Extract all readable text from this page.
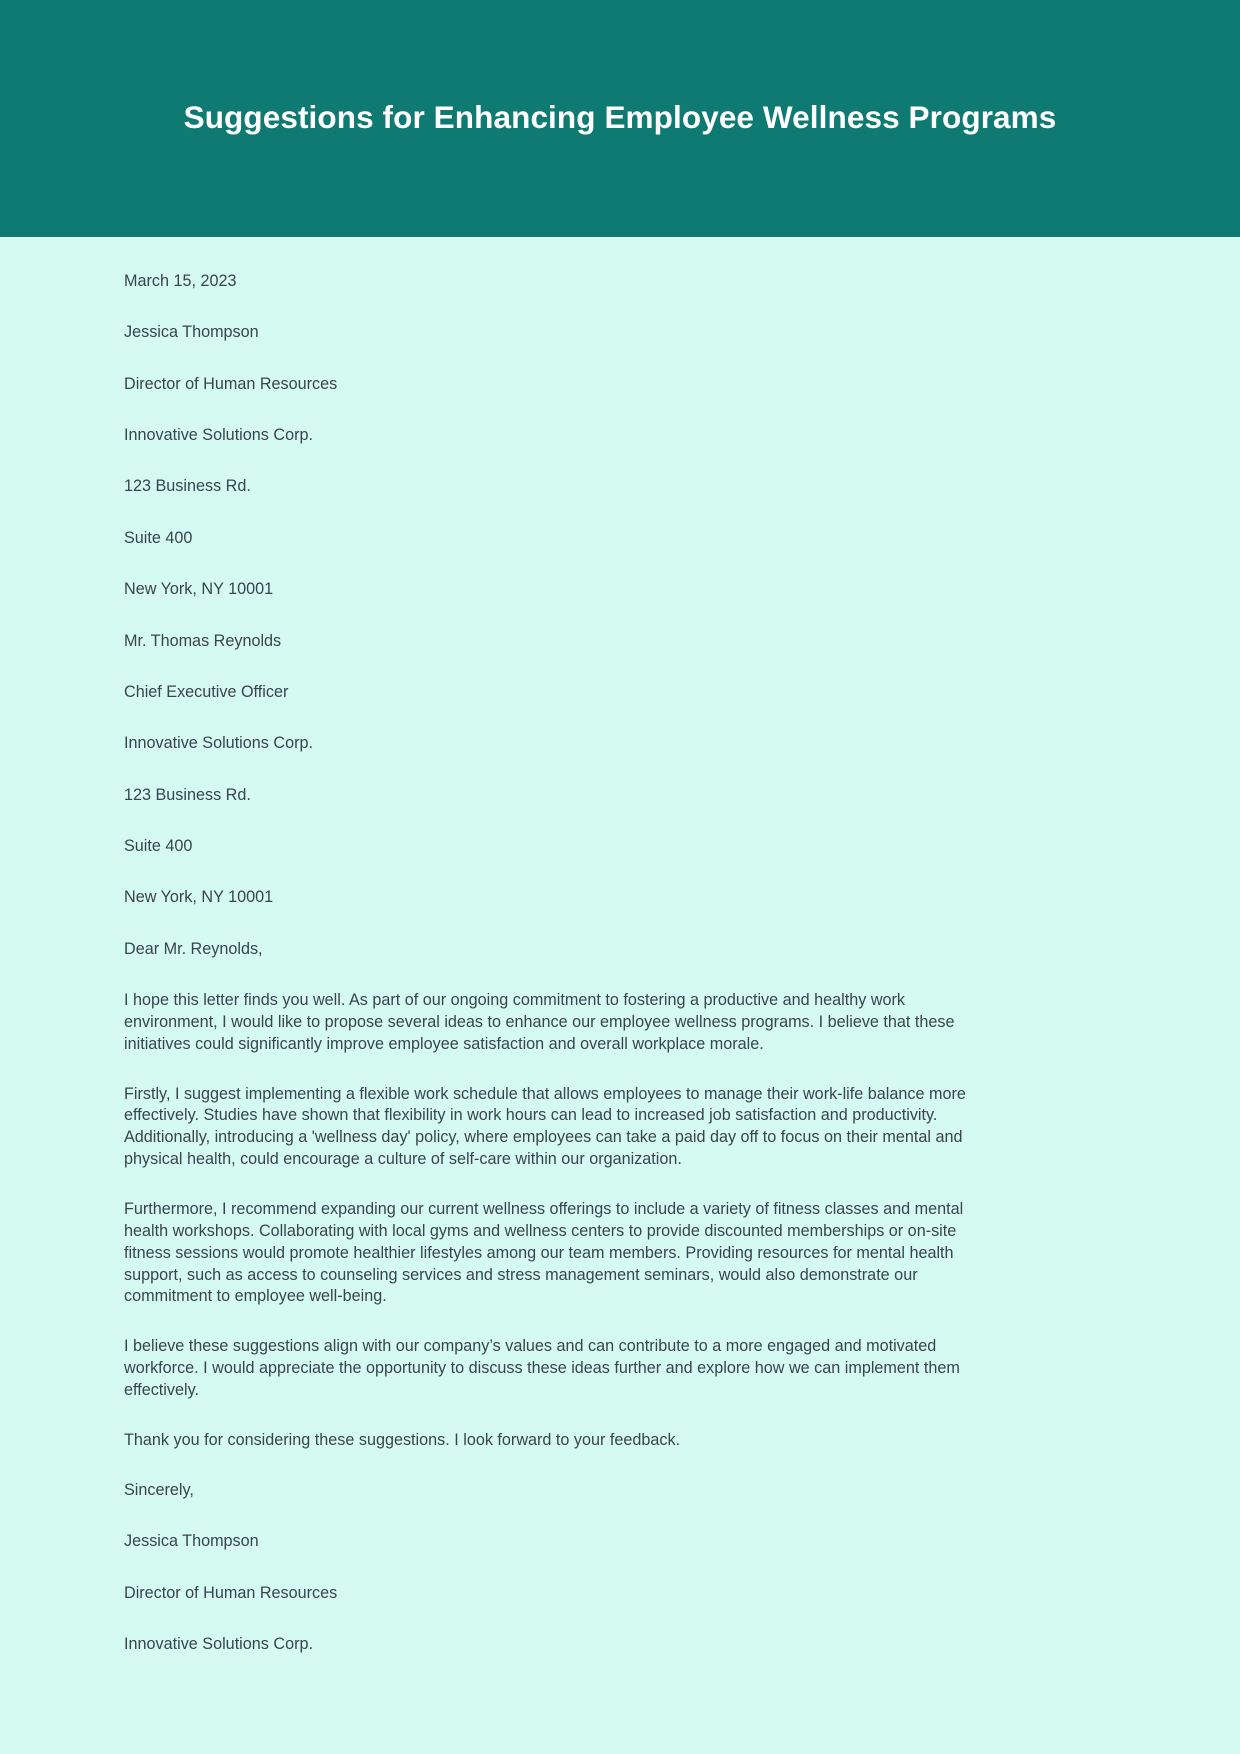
Suggestions for Enhancing Employee Wellness Programs

March 15, 2023

Jessica Thompson

Director of Human Resources

Innovative Solutions Corp.

123 Business Rd.

Suite 400

New York, NY 10001

Mr. Thomas Reynolds

Chief Executive Officer

Innovative Solutions Corp.

123 Business Rd.

Suite 400

New York, NY 10001

Dear Mr. Reynolds,

I hope this letter finds you well. As part of our ongoing commitment to fostering a productive and healthy work environment, I would like to propose several ideas to enhance our employee wellness programs. I believe that these initiatives could significantly improve employee satisfaction and overall workplace morale.

Firstly, I suggest implementing a flexible work schedule that allows employees to manage their work-life balance more effectively. Studies have shown that flexibility in work hours can lead to increased job satisfaction and productivity. Additionally, introducing a 'wellness day' policy, where employees can take a paid day off to focus on their mental and physical health, could encourage a culture of self-care within our organization.

Furthermore, I recommend expanding our current wellness offerings to include a variety of fitness classes and mental health workshops. Collaborating with local gyms and wellness centers to provide discounted memberships or on-site fitness sessions would promote healthier lifestyles among our team members. Providing resources for mental health support, such as access to counseling services and stress management seminars, would also demonstrate our commitment to employee well-being.

I believe these suggestions align with our company’s values and can contribute to a more engaged and motivated workforce. I would appreciate the opportunity to discuss these ideas further and explore how we can implement them effectively.

Thank you for considering these suggestions. I look forward to your feedback.

Sincerely,

Jessica Thompson

Director of Human Resources

Innovative Solutions Corp.
